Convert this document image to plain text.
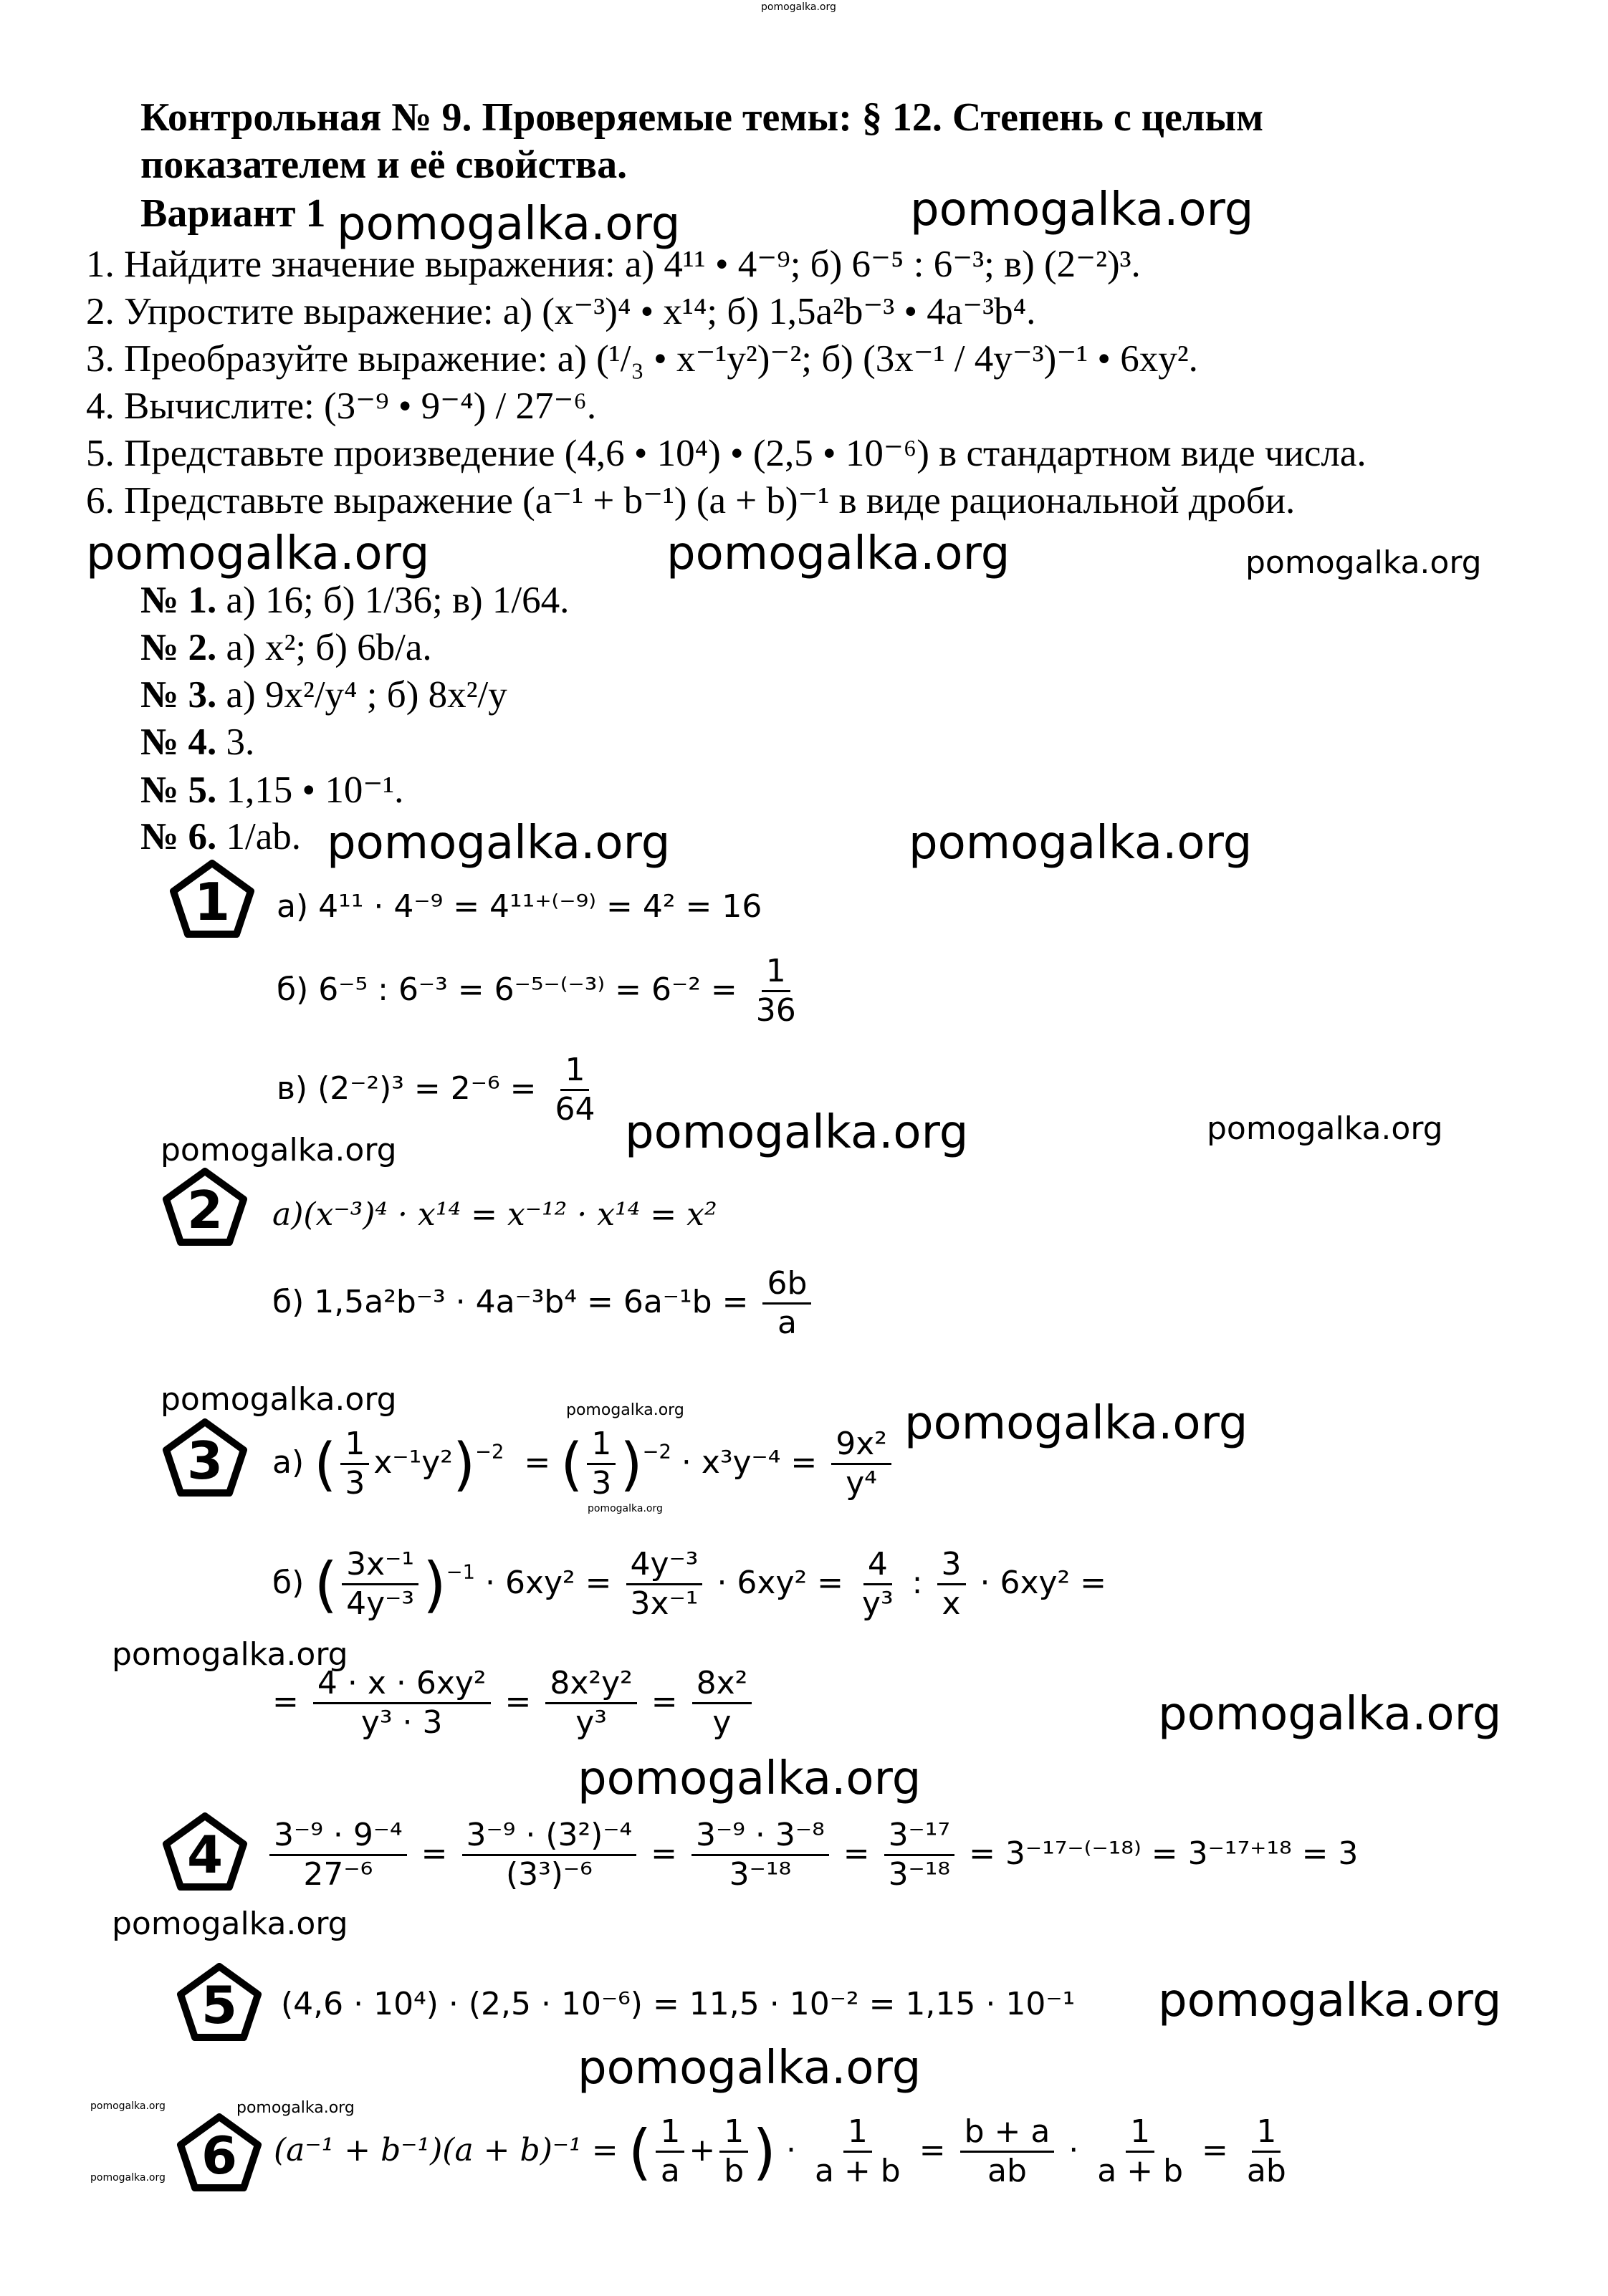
pomogalka.org
pomogalka.org
pomogalka.org
pomogalka.org	pomogalka.org	pomogalka.org
pomogalka.org	pomogalka.org
pomogalka.org	pomogalka.org
pomogalka.org
pomogalka.org	pomogalka.org
pomogalka.org
pomogalka.org
pomogalka.org
pomogalka.org
pomogalka.org
pomogalka.org
pomogalka.org
pomogalka.org
pomogalka.org	pomogalka.org
pomogalka.org
Контрольная № 9. Проверяемые темы: § 12. Степень с целым
показателем и её свойства.
Вариант 1
1. Найдите значение выражения: а) 4¹¹ • 4⁻⁹; б) 6⁻⁵ : 6⁻³; в) (2⁻²)³.
2. Упростите выражение: а) (x⁻³)⁴ • x¹⁴; б) 1,5a²b⁻³ • 4a⁻³b⁴.
3. Преобразуйте выражение: а) (¹/₃ • x⁻¹y²)⁻²; б) (3x⁻¹ / 4y⁻³)⁻¹ • 6xy².
4. Вычислите: (3⁻⁹ • 9⁻⁴) / 27⁻⁶.
5. Представьте произведение (4,6 • 10⁴) • (2,5 • 10⁻⁶) в стандартном виде числа.
6. Представьте выражение (a⁻¹ + b⁻¹) (a + b)⁻¹ в виде рациональной дроби.
№ 1. а) 16; б) 1/36; в) 1/64.
№ 2. а) x²; б) 6b/a.
№ 3. а) 9x²/y⁴ ; б) 8x²/y
№ 4. 3.
№ 5. 1,15 • 10⁻¹.
№ 6. 1/ab.
1
2
3
4
5
6
а) 4¹¹ · 4⁻⁹ = 4¹¹⁺⁽⁻⁹⁾ = 4² = 16
б) 6⁻⁵ : $6^{-3} = 6^{-5-(-3)} = 6^{-2} = \frac{1}{36}$
в) $(2^{-2})^3 = 2^{-6} = \frac{1}{64}$
а)(x⁻³)⁴ · x¹⁴ = x⁻¹² · x¹⁴ = x²
б) $1,5a^2b^{-3} \cdot 4a^{-3}b^4 = 6a^{-1}b = \frac{6b}{a}$
а) ( $\frac{1}{3} x^{-1}y^2)^{-2}$  = ( $\frac{1}{3} )^{-2} \cdot x^3y^{-4} = \frac{\text{9x²}}{\text{y⁴}}$
б) ( $\frac{\text{3x⁻¹}}{\text{4y⁻³}} )^{-1} \cdot 6xy^2 = \frac{\text{4y⁻³}}{\text{3x⁻¹}} \cdot 6xy^2 = \frac{4}{\text{y³}}$ : $\frac{3}{x} \cdot 6xy^2$ =
= $\frac{\text{4 · x · 6xy²}}{\text{y³ · 3}} = \frac{\text{8x²y²}}{\text{y³}} = \frac{\text{8x²}}{y}$
$\frac{\text{3⁻⁹ · 9⁻⁴}}{\text{27⁻⁶}} = \frac{\text{3⁻⁹ · (3²)⁻⁴}}{\text{(3³)⁻⁶}} = \frac{\text{3⁻⁹ · 3⁻⁸}}{\text{3⁻¹⁸}} = \frac{\text{3⁻¹⁷}}{\text{3⁻¹⁸}} = 3^{-17-(-18)} = 3^{-17+18} = 3$
(4,6 · 10⁴) · (2,5 · 10⁻⁶) = 11,5 · 10⁻² = 1,15 · 10⁻¹
(a⁻¹ + b⁻¹)(a + b)⁻¹ = ( $\frac{1}{a} + \frac{1}{b}$ ) · $\frac{1}{a + b} = \frac{b + a}{ab} \cdot \frac{1}{a + b} = \frac{1}{ab}$
